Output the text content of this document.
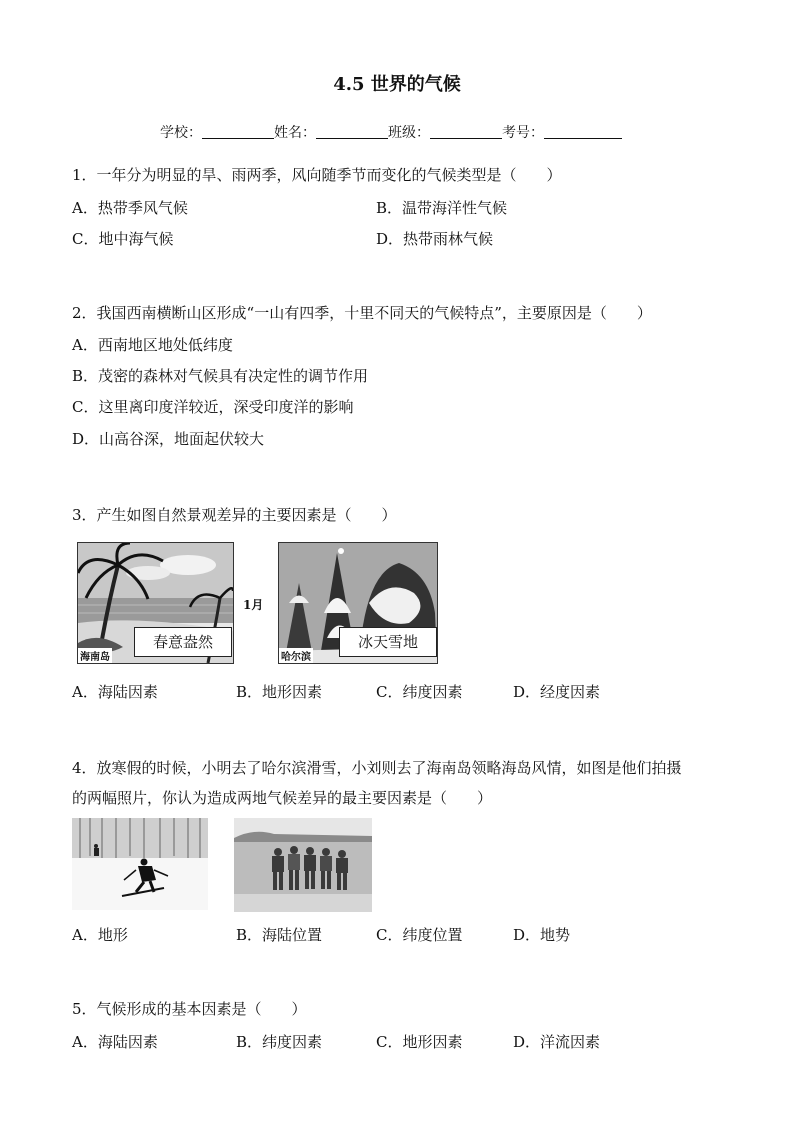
4.5 世界的气候
学校：	姓名：	班级：	考号：
1．一年分为明显的旱、雨两季，风向随季节而变化的气候类型是（　　）
A．热带季风气候	B．温带海洋性气候
C．地中海气候	D．热带雨林气候
2．我国西南横断山区形成“一山有四季，十里不同天的气候特点”，主要原因是（　　）
A．西南地区地处低纬度
B．茂密的森林对气候具有决定性的调节作用
C．这里离印度洋较近，深受印度洋的影响
D．山高谷深，地面起伏较大
3．产生如图自然景观差异的主要因素是（　　）
春意盎然
海南岛
1月
冰天雪地
哈尔滨
A．海陆因素	B．地形因素	C．纬度因素	D．经度因素
4．放寒假的时候，小明去了哈尔滨滑雪，小刘则去了海南岛领略海岛风情，如图是他们拍摄
的两幅照片，你认为造成两地气候差异的最主要因素是（　　）
A．地形	B．海陆位置	C．纬度位置	D．地势
5．气候形成的基本因素是（　　）
A．海陆因素	B．纬度因素	C．地形因素	D．洋流因素
